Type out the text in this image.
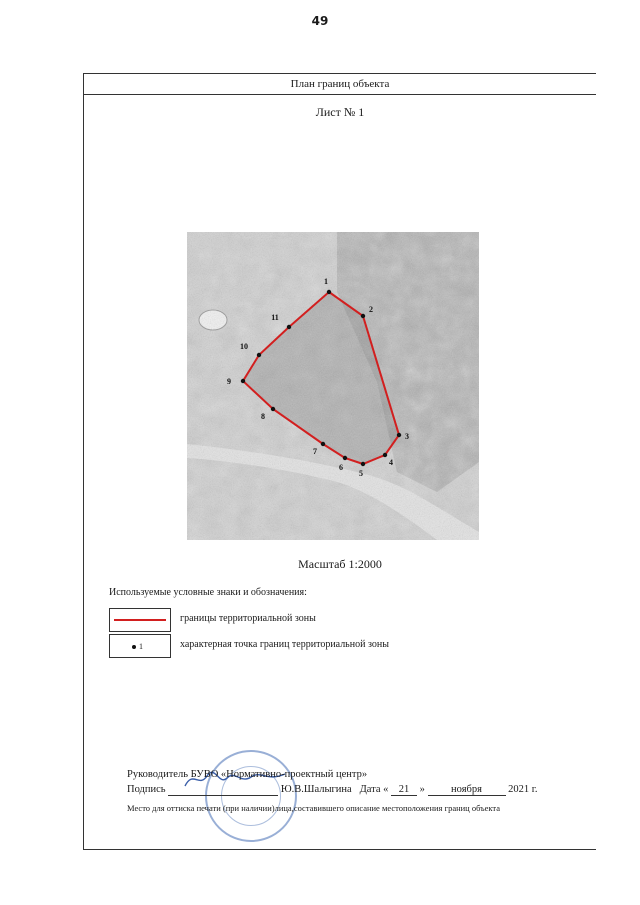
49
План границ объекта
Лист № 1
1
2
3
4
5
6
7
8
9
10
11
Масштаб 1:2000
Используемые условные знаки и обозначения:
границы территориальной зоны
1	характерная точка границ территориальной зоны
Руководитель БУВО «Нормативно-проектный центр»
Подпись	Ю.В.Шалыгина Дата « 21 » ноября 2021 г.
Место для оттиска печати (при наличии)лица,составившего описание местоположения границ объекта
